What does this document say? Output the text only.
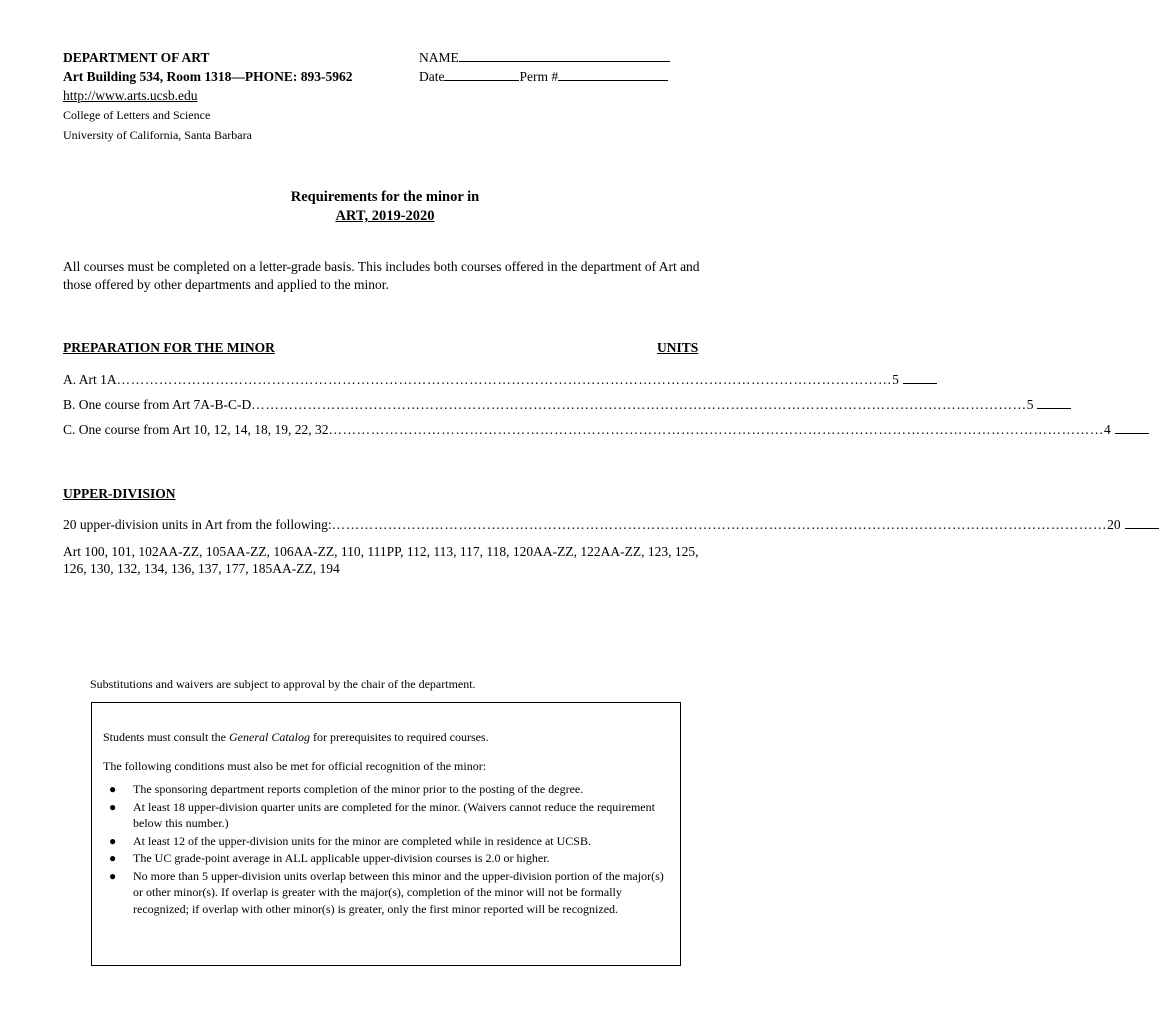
DEPARTMENT OF ART
Art Building 534, Room 1318—PHONE: 893-5962
http://www.arts.ucsb.edu
College of Letters and Science
University of California, Santa Barbara
NAME
Date	Perm #
Requirements for the minor in
ART, 2019-2020
All courses must be completed on a letter-grade basis. This includes both courses offered in the department of Art and those offered by other departments and applied to the minor.
PREPARATION FOR THE MINOR	UNITS
A. Art 1A ………………………………………………………………………………………………………………………………………………… 5
B. One course from Art 7A-B-C-D ………………………………………………………………………………………………………………………………………………… 5
C. One course from Art 10, 12, 14, 18, 19, 22, 32 ………………………………………………………………………………………………………………………………………………… 4
UPPER-DIVISION
20 upper-division units in Art from the following: ………………………………………………………………………………………………………………………………………………… 20
Art 100, 101, 102AA-ZZ, 105AA-ZZ, 106AA-ZZ, 110, 111PP, 112, 113, 117, 118, 120AA-ZZ, 122AA-ZZ, 123, 125, 126, 130, 132, 134, 136, 137, 177, 185AA-ZZ, 194
Substitutions and waivers are subject to approval by the chair of the department.

Students must consult the General Catalog for prerequisites to required courses.

The following conditions must also be met for official recognition of the minor:

● The sponsoring department reports completion of the minor prior to the posting of the degree.
● At least 18 upper-division quarter units are completed for the minor. (Waivers cannot reduce the requirement below this number.)
● At least 12 of the upper-division units for the minor are completed while in residence at UCSB.
● The UC grade-point average in ALL applicable upper-division courses is 2.0 or higher.
● No more than 5 upper-division units overlap between this minor and the upper-division portion of the major(s) or other minor(s). If overlap is greater with the major(s), completion of the minor will not be formally recognized; if overlap with other minor(s) is greater, only the first minor reported will be recognized.
